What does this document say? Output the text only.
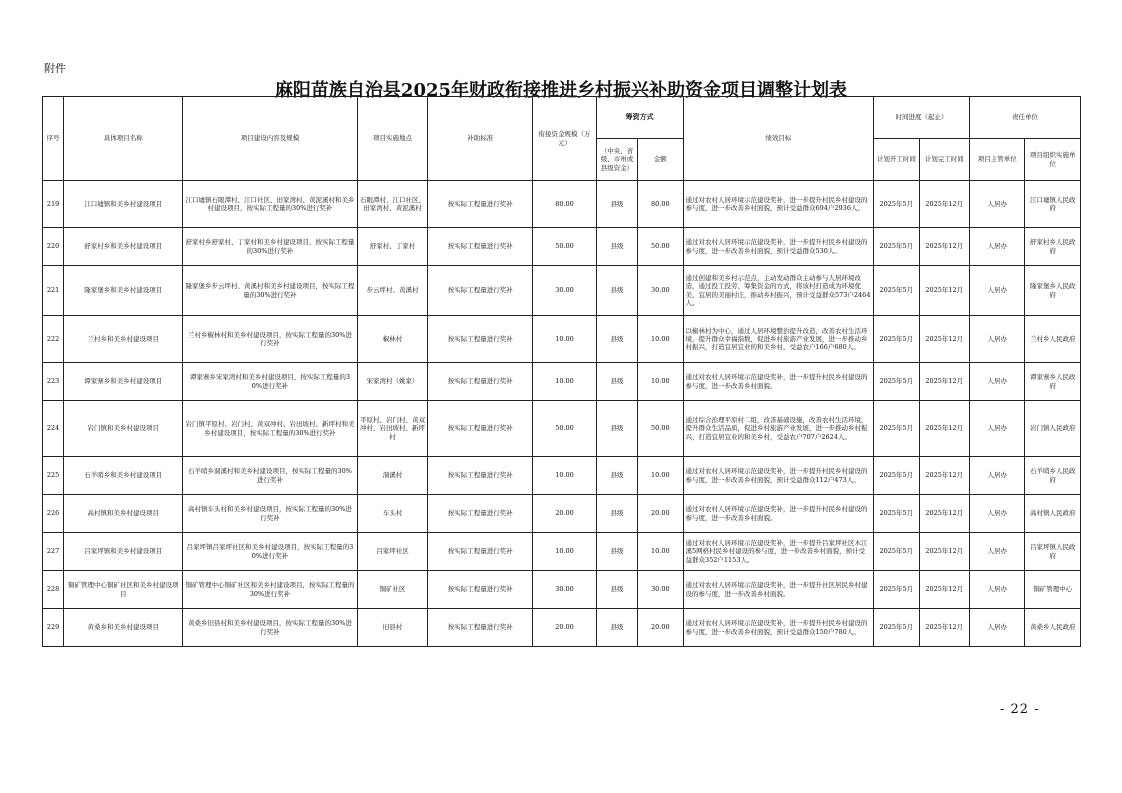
附件
麻阳苗族自治县2025年财政衔接推进乡村振兴补助资金项目调整计划表
序号	具体项目名称	项目建设内容及规模	项目实施地点	补助标准	衔接资金规模（万元）	筹资方式		绩效目标	时间进度（起止）		责任单位	
						（中央、省级、市州或县级资金）	金额		计划开工时间	计划完工时间	项目主管单位	项目组织实施单位

219	江口墟镇和美乡村建设项目	江口墟镇石眼潭村、江口社区、田家湾村、黄泥溪村和美乡村建设项目，按实际工程量的30%进行奖补	石眼潭村、江口社区、田家湾村、黄泥溪村	按实际工程量进行奖补	80.00	县级	80.00	通过对农村人居环境示范建设奖补，进一步提升村民乡村建设的参与度，进一步改善乡村面貌，预计受益群众694户2936人。	2025年5月	2025年12月	人居办	江口墟镇人民政府
220	舒家村乡和美乡村建设项目	舒家村乡舒家村、丁家村和美乡村建设项目，按实际工程量的30%进行奖补	舒家村、丁家村	按实际工程量进行奖补	50.00	县级	50.00	通过对农村人居环境示范建设奖补，进一步提升村民乡村建设的参与度，进一步改善乡村面貌，预计受益群众530人。	2025年5月	2025年12月	人居办	舒家村乡人民政府
221	隆家堡乡和美乡村建设项目	隆家堡乡步云坪村、黄溪村和美乡村建设项目，按实际工程量的30%进行奖补	步云坪村、黄溪村	按实际工程量进行奖补	30.00	县级	30.00	通过创建和美乡村示范点，主动发动群众主动参与人居环境改造，通过投工投劳、筹集资金的方式，将该村打造成为环境优美、宜居的美丽村庄，推动乡村振兴，预计受益群众573户2464人。	2025年5月	2025年12月	人居办	隆家堡乡人民政府
222	兰村乡和美乡村建设项目	兰村乡椒林村和美乡村建设项目，按实际工程量的30%进行奖补	椒林村	按实际工程量进行奖补	10.00	县级	10.00	以椒林村为中心，通过人居环境整治提升改造，改善农村生活环境，提升群众幸福指数，促进乡村旅游产业发展，进一步推动乡村振兴，打造宜居宜业的和美乡村，受益农户166户680人。	2025年5月	2025年12月	人居办	兰村乡人民政府
223	谭家寨乡和美乡村建设项目	谭家寨乡宋家湾村和美乡村建设项目，按实际工程量的30%进行奖补	宋家湾村（姚家）	按实际工程量进行奖补	10.00	县级	10.00	通过对农村人居环境示范建设奖补，进一步提升村民乡村建设的参与度，进一步改善乡村面貌。	2025年5月	2025年12月	人居办	谭家寨乡人民政府
224	岩门镇和美乡村建设项目	岩门镇平原村、岩门村、黄双冲村、岩田坡村、新坪村和美乡村建设项目，按实际工程量的30%进行奖补	平原村、岩门村、黄双冲村、岩田坡村、新坪村	按实际工程量进行奖补	50.00	县级	50.00	通过综合治理平原村二组，改善基础设施，改善农村生活环境，提升群众生活品质，促进乡村旅游产业发展，进一步推动乡村振兴，打造宜居宜业的和美乡村，受益农户707户2624人。	2025年5月	2025年12月	人居办	岩门镇人民政府
225	石羊哨乡和美乡村建设项目	石羊哨乡洞溪村和美乡村建设项目，按实际工程量的30%进行奖补	洞溪村	按实际工程量进行奖补	10.00	县级	10.00	通过对农村人居环境示范建设奖补，进一步提升村民乡村建设的参与度，进一步改善乡村面貌，预计受益群众112户473人。	2025年5月	2025年12月	人居办	石羊哨乡人民政府
226	高村镇和美乡村建设项目	高村镇车头村和美乡村建设项目，按实际工程量的30%进行奖补	车头村	按实际工程量进行奖补	20.00	县级	20.00	通过对农村人居环境示范建设奖补，进一步提升村民乡村建设的参与度，进一步改善乡村面貌。	2025年5月	2025年12月	人居办	高村镇人民政府
227	吕家坪镇和美乡村建设项目	吕家坪镇吕家坪社区和美乡村建设项目，按实际工程量的30%进行奖补	吕家坪社区	按实际工程量进行奖补	10.00	县级	10.00	通过对农村人居环境示范建设奖补，进一步提升吕家坪社区木江溪5网格村民乡村建设的参与度，进一步改善乡村面貌，预计受益群众352户1153人。	2025年5月	2025年12月	人居办	吕家坪镇人民政府
228	铜矿管理中心铜矿社区和美乡村建设项目	铜矿管理中心铜矿社区和美乡村建设项目，按实际工程量的30%进行奖补	铜矿社区	按实际工程量进行奖补	30.00	县级	30.00	通过对农村人居环境示范建设奖补，进一步提升社区居民乡村建设的参与度，进一步改善乡村面貌。	2025年5月	2025年12月	人居办	铜矿管理中心
229	黄桑乡和美乡村建设项目	黄桑乡旧县村和美乡村建设项目，按实际工程量的30%进行奖补	旧县村	按实际工程量进行奖补	20.00	县级	20.00	通过对农村人居环境示范建设奖补，进一步提升村民乡村建设的参与度，进一步改善乡村面貌，预计受益群众150户780人。	2025年5月	2025年12月	人居办	黄桑乡人民政府
- 22 -
